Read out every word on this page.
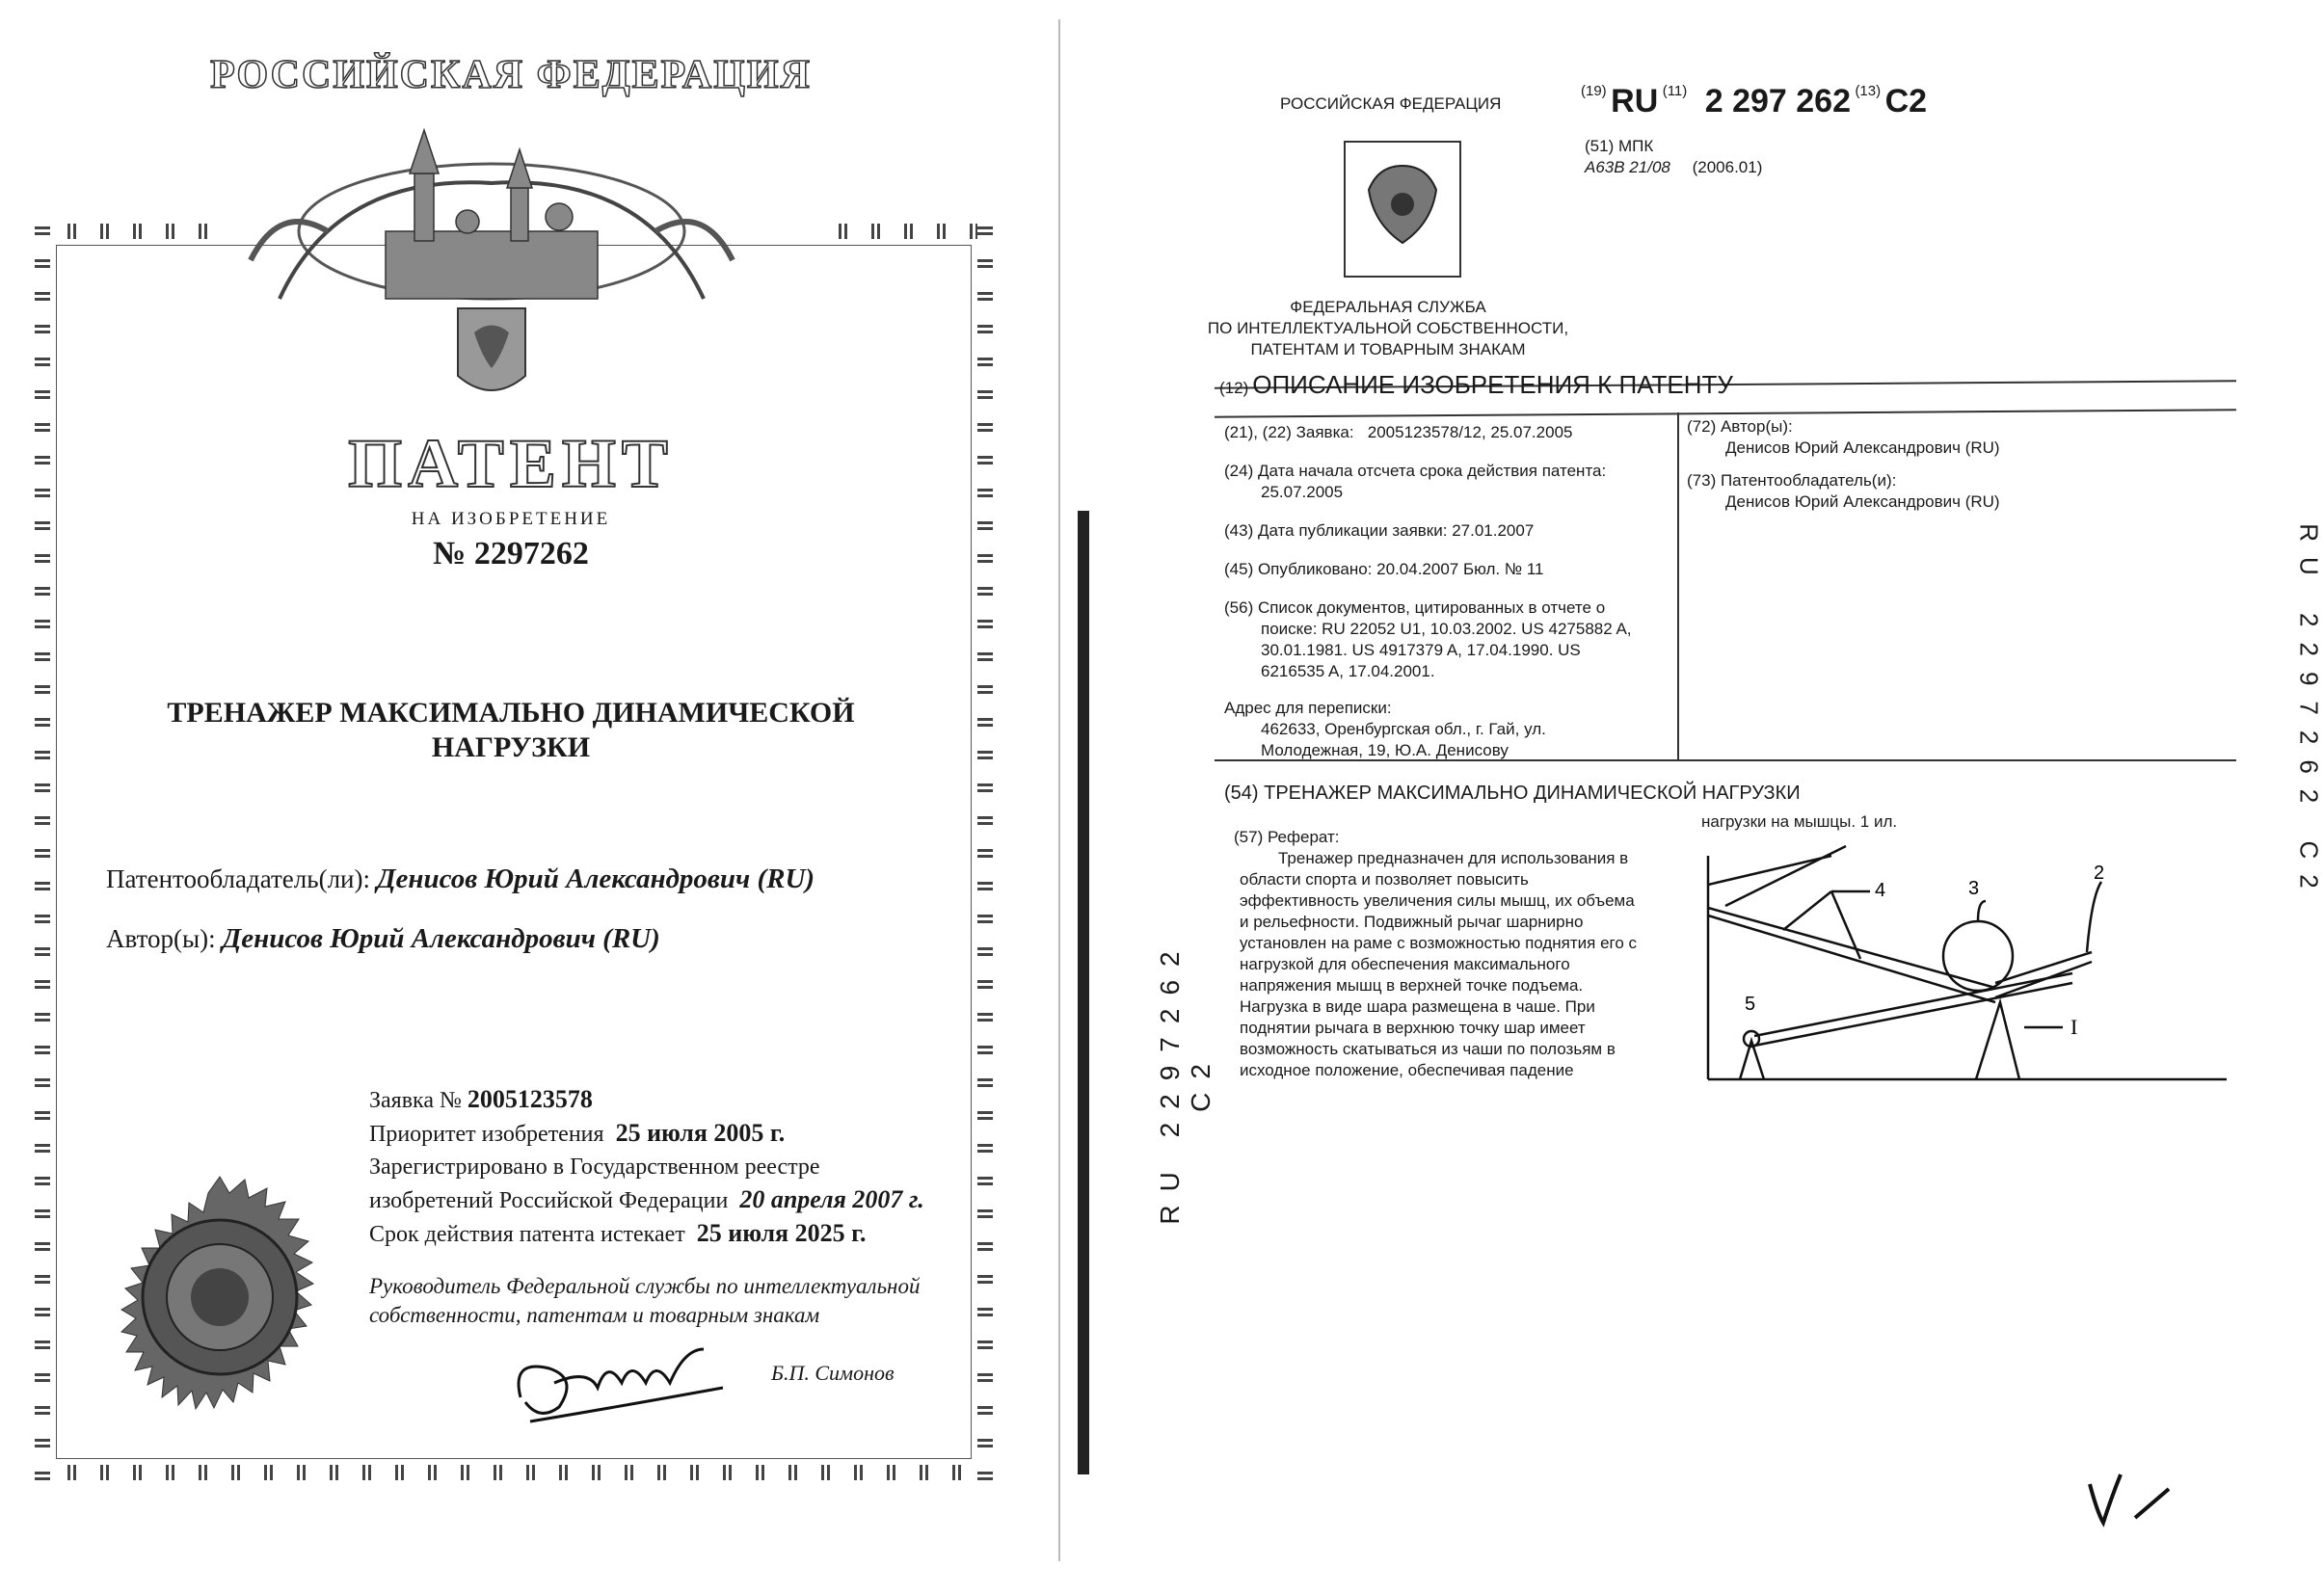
РОССИЙСКАЯ ФЕДЕРАЦИЯ
ПАТЕНТ
НА ИЗОБРЕТЕНИЕ
№ 2297262
ТРЕНАЖЕР МАКСИМАЛЬНО ДИНАМИЧЕСКОЙ
НАГРУЗКИ
Патентообладатель(ли): Денисов Юрий Александрович (RU)
Автор(ы): Денисов Юрий Александрович (RU)
Заявка № 2005123578
Приоритет изобретения 25 июля 2005 г.
Зарегистрировано в Государственном реестре
изобретений Российской Федерации 20 апреля 2007 г.
Срок действия патента истекает 25 июля 2025 г.
Руководитель Федеральной службы по интеллектуальной
собственности, патентам и товарным знакам
Б.П. Симонов
РОССИЙСКАЯ ФЕДЕРАЦИЯ
ФЕДЕРАЛЬНАЯ СЛУЖБА
ПО ИНТЕЛЛЕКТУАЛЬНОЙ СОБСТВЕННОСТИ,
ПАТЕНТАМ И ТОВАРНЫМ ЗНАКАМ
(19) RU (11) 2 297 262 (13) C2
(51) МПК
A63B 21/08 (2006.01)
(12) ОПИСАНИЕ ИЗОБРЕТЕНИЯ К ПАТЕНТУ
(21), (22) Заявка: 2005123578/12, 25.07.2005
(24) Дата начала отсчета срока действия патента:
25.07.2005
(43) Дата публикации заявки: 27.01.2007
(45) Опубликовано: 20.04.2007 Бюл. № 11
(56) Список документов, цитированных в отчете о
поиске: RU 22052 U1, 10.03.2002. US 4275882 A,
30.01.1981. US 4917379 A, 17.04.1990. US
6216535 A, 17.04.2001.
Адрес для переписки:
462633, Оренбургская обл., г. Гай, ул.
Молодежная, 19, Ю.А. Денисову
(72) Автор(ы):
Денисов Юрий Александрович (RU)
(73) Патентообладатель(и):
Денисов Юрий Александрович (RU)
(54) ТРЕНАЖЕР МАКСИМАЛЬНО ДИНАМИЧЕСКОЙ НАГРУЗКИ
(57) Реферат:
Тренажер предназначен для использования в
области спорта и позволяет повысить
эффективность увеличения силы мышц, их объема
и рельефности. Подвижный рычаг шарнирно
установлен на раме с возможностью поднятия его с
нагрузкой для обеспечения максимального
напряжения мышц в верхней точке подъема.
Нагрузка в виде шара размещена в чаше. При
поднятии рычага в верхнюю точку шар имеет
возможность скатываться из чаши по полозьям в
исходное положение, обеспечивая падение
нагрузки на мышцы. 1 ил.
4	3
2
5
I
RU 2297262 C2
RU 2297262 C2
